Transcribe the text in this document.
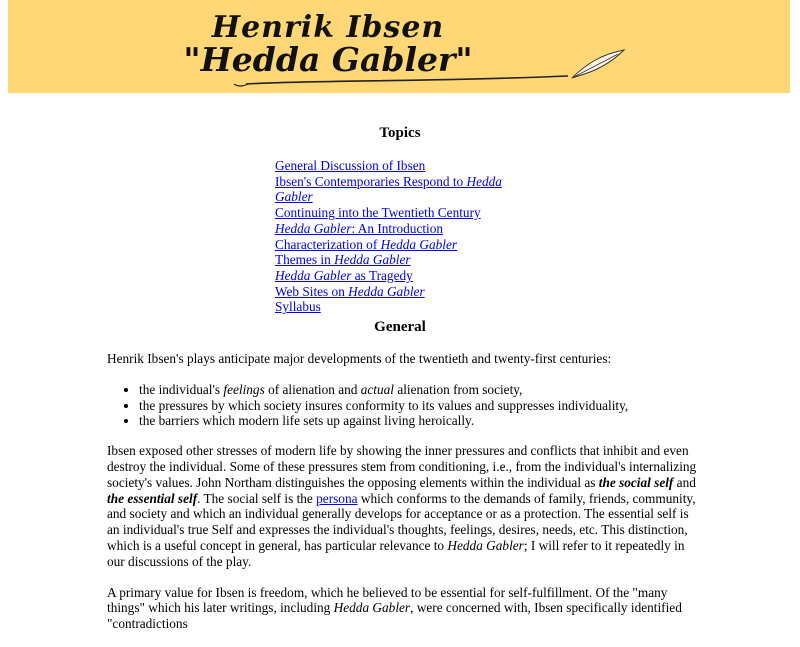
Henrik Ibsen
"Hedda Gabler"
Topics
General Discussion of Ibsen
Ibsen's Contemporaries Respond to Hedda Gabler
Continuing into the Twentieth Century
Hedda Gabler: An Introduction
Characterization of Hedda Gabler
Themes in Hedda Gabler
Hedda Gabler as Tragedy
Web Sites on Hedda Gabler
Syllabus
General

Henrik Ibsen's plays anticipate major developments of the twentieth and twenty-first centuries:

• the individual's feelings of alienation and actual alienation from society,
• the pressures by which society insures conformity to its values and suppresses individuality,
• the barriers which modern life sets up against living heroically.

Ibsen exposed other stresses of modern life by showing the inner pressures and conflicts that inhibit and even destroy the individual. Some of these pressures stem from conditioning, i.e., from the individual's internalizing society's values. John Northam distinguishes the opposing elements within the individual as the social self and the essential self. The social self is the persona which conforms to the demands of family, friends, community, and society and which an individual generally develops for acceptance or as a protection. The essential self is an individual's true Self and expresses the individual's thoughts, feelings, desires, needs, etc. This distinction, which is a useful concept in general, has particular relevance to Hedda Gabler; I will refer to it repeatedly in our discussions of the play.

A primary value for Ibsen is freedom, which he believed to be essential for self-fulfillment. Of the "many things" which his later writings, including Hedda Gabler, were concerned with, Ibsen specifically identified "contradictions
